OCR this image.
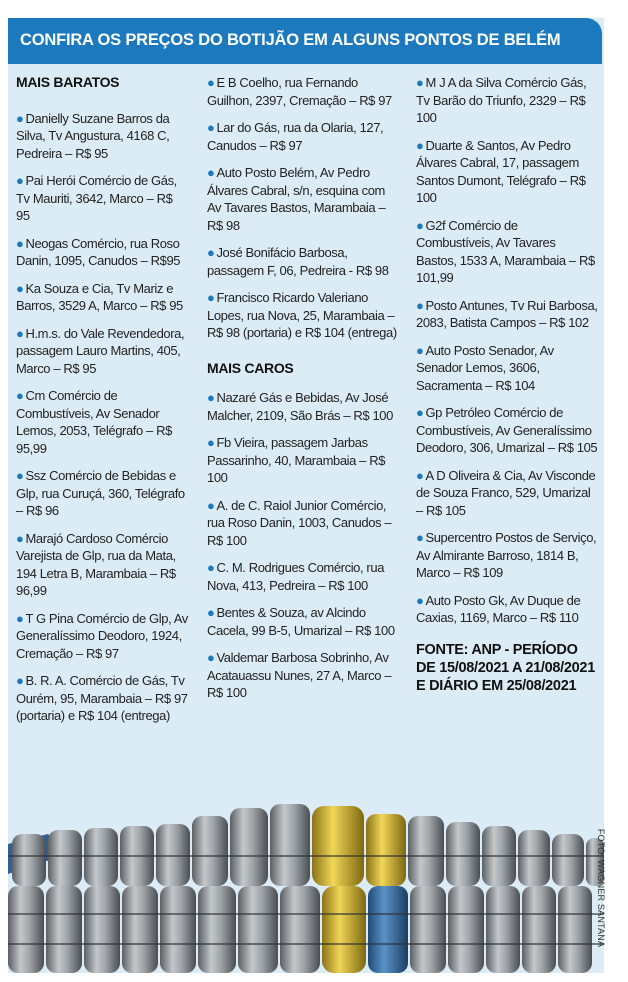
CONFIRA OS PREÇOS DO BOTIJÃO EM ALGUNS PONTOS DE BELÉM
MAIS BARATOS
● Danielly Suzane Barros da Silva, Tv Angustura, 4168 C, Pedreira – R$ 95
● Pai Herói Comércio de Gás, Tv Mauriti, 3642, Marco – R$ 95
● Neogas Comércio, rua Roso Danin, 1095, Canudos – R$95
● Ka Souza e Cia, Tv Mariz e Barros, 3529 A, Marco – R$ 95
● H.m.s. do Vale Revendedora, passagem Lauro Martins, 405, Marco – R$ 95
● Cm Comércio de Combustíveis, Av Senador Lemos, 2053, Telégrafo – R$ 95,99
● Ssz Comércio de Bebidas e Glp, rua Curuçá, 360, Telégrafo – R$ 96
● Marajó Cardoso Comércio Varejista de Glp, rua da Mata, 194 Letra B, Marambaia – R$ 96,99
● T G Pina Comércio de Glp, Av Generalíssimo Deodoro, 1924, Cremação – R$ 97
● B. R. A. Comércio de Gás, Tv Ourém, 95, Marambaia – R$ 97 (portaria) e R$ 104 (entrega)
● E B Coelho, rua Fernando Guilhon, 2397, Cremação – R$ 97
● Lar do Gás, rua da Olaria, 127, Canudos – R$ 97
● Auto Posto Belém, Av Pedro Álvares Cabral, s/n, esquina com Av Tavares Bastos, Marambaia – R$ 98
● José Bonifácio Barbosa, passagem F, 06, Pedreira - R$ 98
● Francisco Ricardo Valeriano Lopes, rua Nova, 25, Marambaia – R$ 98 (portaria) e R$ 104 (entrega)
MAIS CAROS
● Nazaré Gás e Bebidas, Av José Malcher, 2109, São Brás – R$ 100
● Fb Vieira, passagem Jarbas Passarinho, 40, Marambaia – R$ 100
● A. de C. Raiol Junior Comércio, rua Roso Danin, 1003, Canudos – R$ 100
● C. M. Rodrigues Comércio, rua Nova, 413, Pedreira – R$ 100
● Bentes & Souza, av Alcindo Cacela, 99 B-5, Umarizal – R$ 100
● Valdemar Barbosa Sobrinho, Av Acatauassu Nunes, 27 A, Marco – R$ 100
● M J A da Silva Comércio Gás, Tv Barão do Triunfo, 2329 – R$ 100
● Duarte & Santos, Av Pedro Álvares Cabral, 17, passagem Santos Dumont, Telégrafo – R$ 100
● G2f Comércio de Combustíveis, Av Tavares Bastos, 1533 A, Marambaia – R$ 101,99
● Posto Antunes, Tv Rui Barbosa, 2083, Batista Campos – R$ 102
● Auto Posto Senador, Av Senador Lemos, 3606, Sacramenta – R$ 104
● Gp Petróleo Comércio de Combustíveis, Av Generalíssimo Deodoro, 306, Umarizal – R$ 105
● A D Oliveira & Cia, Av Visconde de Souza Franco, 529, Umarizal – R$ 105
● Supercentro Postos de Serviço, Av Almirante Barroso, 1814 B, Marco – R$ 109
● Auto Posto Gk, Av Duque de Caxias, 1169, Marco – R$ 110
FONTE: ANP - PERÍODO DE 15/08/2021 A 21/08/2021 E DIÁRIO EM 25/08/2021
FOTO: WAGNER SANTANA
